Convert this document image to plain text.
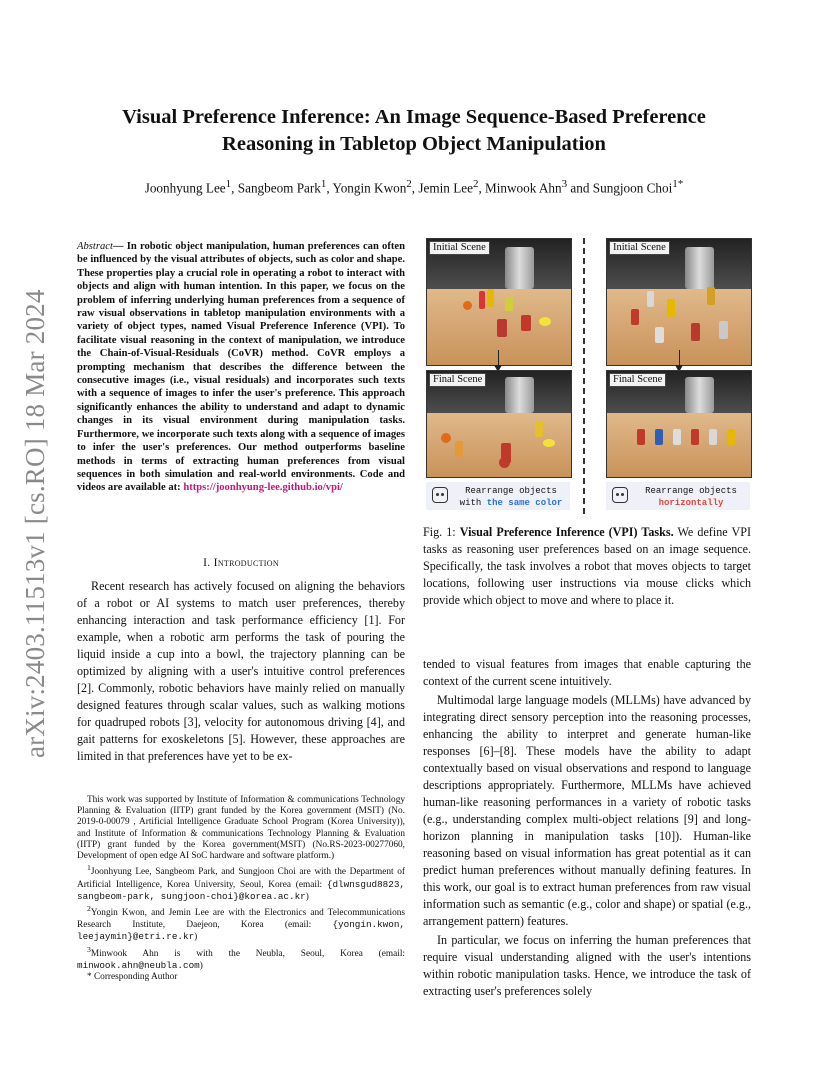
arXiv:2403.11513v1 [cs.RO] 18 Mar 2024
Visual Preference Inference: An Image Sequence-Based Preference
Reasoning in Tabletop Object Manipulation
Joonhyung Lee$^1$, Sangbeom Park$^1$, Yongin Kwon$^2$, Jemin Lee$^2$, Minwook Ahn$^3$ and Sungjoon Choi$^{1*}$
Abstract— In robotic object manipulation, human preferences can often be influenced by the visual attributes of objects, such as color and shape. These properties play a crucial role in operating a robot to interact with objects and align with human intention. In this paper, we focus on the problem of inferring underlying human preferences from a sequence of raw visual observations in tabletop manipulation environments with a variety of object types, named Visual Preference Inference (VPI). To facilitate visual reasoning in the context of manipulation, we introduce the Chain-of-Visual-Residuals (CoVR) method. CoVR employs a prompting mechanism that describes the difference between the consecutive images (i.e., visual residuals) and incorporates such texts with a sequence of images to infer the user's preference. This approach significantly enhances the ability to understand and adapt to dynamic changes in its visual environment during manipulation tasks. Furthermore, we incorporate such texts along with a sequence of images to infer the user's preferences. Our method outperforms baseline methods in terms of extracting human preferences from visual sequences in both simulation and real-world environments. Code and videos are available at: https://joonhyung-lee.github.io/vpi/
I. Introduction

Recent research has actively focused on aligning the behaviors of a robot or AI systems to match user preferences, thereby enhancing interaction and task performance efficiency [1]. For example, when a robotic arm performs the task of pouring the liquid inside a cup into a bowl, the trajectory planning can be optimized by aligning with a user's intuitive control preferences [2]. Commonly, robotic behaviors have mainly relied on manually designed features through scalar values, such as walking motions for quadruped robots [3], velocity for autonomous driving [4], and gait patterns for exoskeletons [5]. However, these approaches are limited in that preferences have yet to be ex-

This work was supported by Institute of Information & communications Technology Planning & Evaluation (IITP) grant funded by the Korea government (MSIT) (No. 2019-0-00079 , Artificial Intelligence Graduate School Program (Korea University)), and Institute of Information & communications Technology Planning & Evaluation (IITP) grant funded by the Korea government(MSIT) (No.RS-2023-00277060, Development of open edge AI SoC hardware and software platform.)

$^1$Joonhyung Lee, Sangbeom Park, and Sungjoon Choi are with the Department of Artificial Intelligence, Korea University, Seoul, Korea (email: {dlwnsgud8823, sangbeom-park, sungjoon-choi}@korea.ac.kr)

$^2$Yongin Kwon, and Jemin Lee are with the Electronics and Telecommunications Research Institute, Daejeon, Korea (email: {yongin.kwon, leejaymin}@etri.re.kr)

$^3$Minwook Ahn is with the Neubla, Seoul, Korea (email: minwook.ahn@neubla.com)

* Corresponding Author

Initial Scene
Final Scene
Rearrange objects
with the same color
Initial Scene
Final Scene
Rearrange objects
horizontally
Fig. 1: Visual Preference Inference (VPI) Tasks. We define VPI tasks as reasoning user preferences based on an image sequence. Specifically, the task involves a robot that moves objects to target locations, following user instructions via mouse clicks which provide which object to move and where to place it.

tended to visual features from images that enable capturing the context of the current scene intuitively.

Multimodal large language models (MLLMs) have advanced by integrating direct sensory perception into the reasoning processes, enhancing the ability to interpret and generate human-like responses [6]–[8]. These models have the ability to adapt contextually based on visual observations and respond to language descriptions appropriately. Furthermore, MLLMs have achieved human-like reasoning performances in a variety of robotic tasks (e.g., understanding complex multi-object relations [9] and long-horizon planning in manipulation tasks [10]). Human-like reasoning based on visual information has great potential as it can predict human preferences without manually defining features. In this work, our goal is to extract human preferences from raw visual information such as semantic (e.g., color and shape) or spatial (e.g., arrangement pattern) features.

In particular, we focus on inferring the human preferences that require visual understanding aligned with the user's intentions within robotic manipulation tasks. Hence, we introduce the task of extracting user's preferences solely
